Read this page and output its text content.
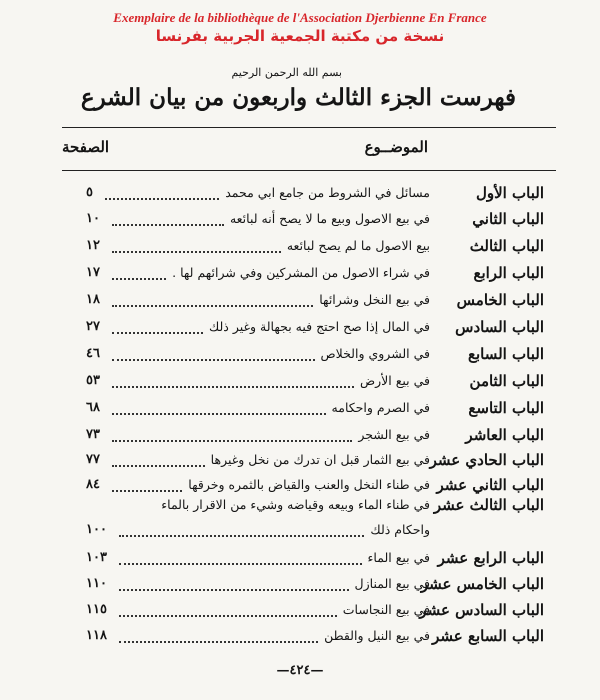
Exemplaire de la bibliothèque de l'Association Djerbienne En France
نسخة من مكتبة الجمعية الجربية بفرنسا
بسم الله الرحمن الرحيم
فهرست الجزء الثالث واربعون من بيان الشرع
الموضــوع
الصفحة
الباب الأول
مسائل في الشروط من جامع ابي محمد
٥
الباب الثاني
في بيع الاصول وبيع ما لا يصح أنه لبائعه
١٠
الباب الثالث
بيع الاصول ما لم يصح لبائعه
١٢
الباب الرابع
في شراء الاصول من المشركين وفي شرائهم لها .
١٧
الباب الخامس
في بيع النخل وشرائها
١٨
الباب السادس
في المال إذا صح احتج فيه بجهالة وغير ذلك
٢٧
الباب السابع
في الشروي والخلاص
٤٦
الباب الثامن
في بيع الأرض
٥٣
الباب التاسع
في الصرم واحكامه
٦٨
الباب العاشر
في بيع الشجر
٧٣
الباب الحادي عشر
في بيع الثمار قبل ان تدرك من نخل وغيرها
٧٧
الباب الثاني عشر
في طناء النخل والعنب والقياض بالثمره وخرقها
٨٤
الباب الثالث عشر
في طناء الماء وبيعه وقياضه وشيء من الاقرار بالماء
واحكام ذلك
١٠٠
الباب الرابع عشر
في بيع الماء
١٠٣
الباب الخامس عشر
في بيع المنازل
١١٠
الباب السادس عشر
في بيع النجاسات
١١٥
الباب السابع عشر
في بيع النيل والقطن
١١٨
—٤٢٤—
